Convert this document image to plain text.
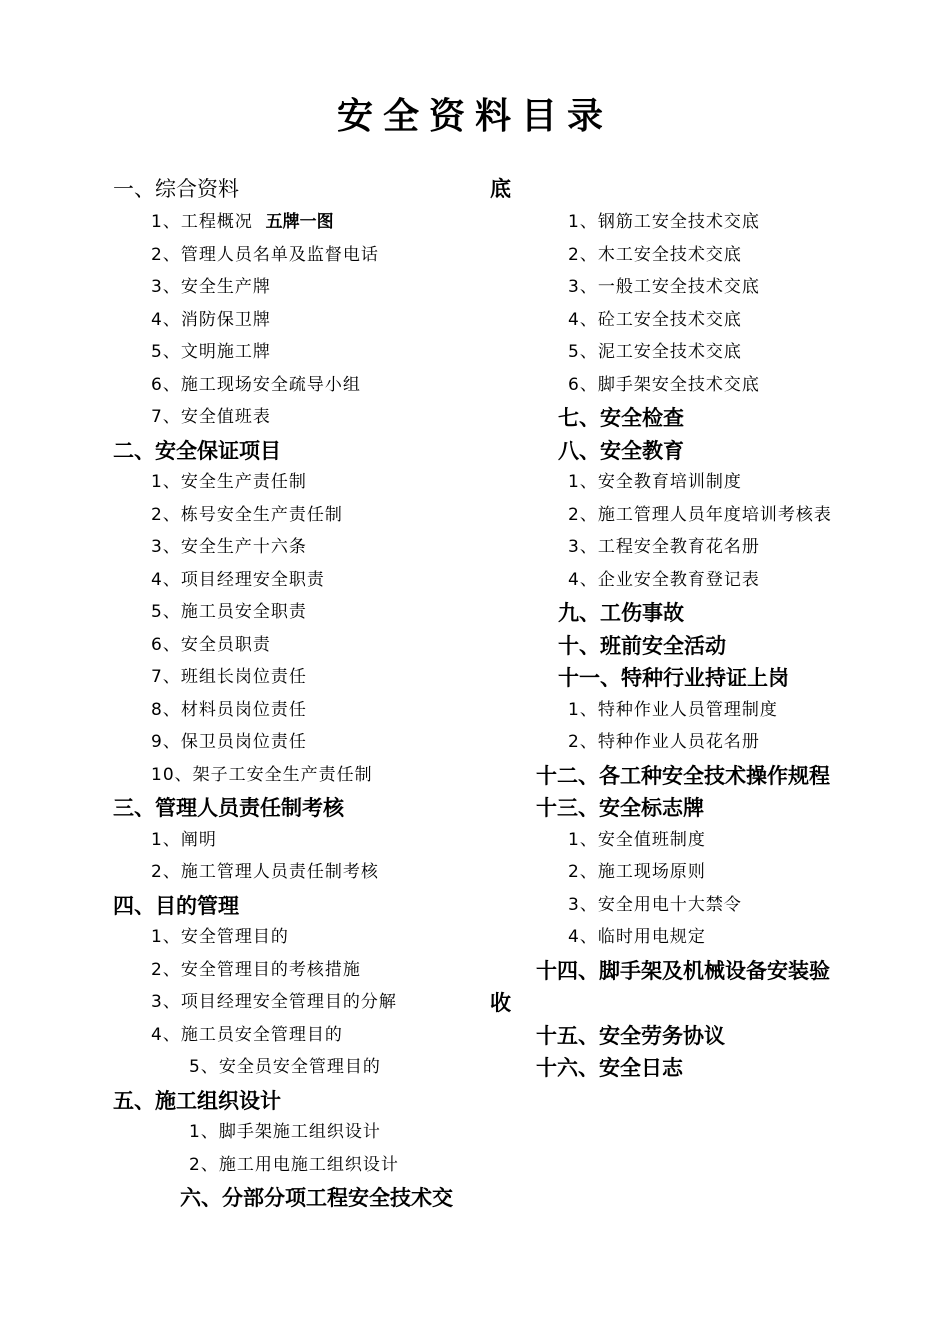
安全资料目录
一、综合资料
1、工程概况 五牌一图
2、管理人员名单及监督电话
3、安全生产牌
4、消防保卫牌
5、文明施工牌
6、施工现场安全疏导小组
7、安全值班表
二、安全保证项目
1、安全生产责任制
2、栋号安全生产责任制
3、安全生产十六条
4、项目经理安全职责
5、施工员安全职责
6、安全员职责
7、班组长岗位责任
8、材料员岗位责任
9、保卫员岗位责任
10、架子工安全生产责任制
三、管理人员责任制考核
1、阐明
2、施工管理人员责任制考核
四、目的管理
1、安全管理目的
2、安全管理目的考核措施
3、项目经理安全管理目的分解
4、施工员安全管理目的
5、安全员安全管理目的
五、施工组织设计
1、脚手架施工组织设计
2、施工用电施工组织设计
六、分部分项工程安全技术交
底
1、钢筋工安全技术交底
2、木工安全技术交底
3、一般工安全技术交底
4、砼工安全技术交底
5、泥工安全技术交底
6、脚手架安全技术交底
七、安全检查
八、安全教育
1、安全教育培训制度
2、施工管理人员年度培训考核表
3、工程安全教育花名册
4、企业安全教育登记表
九、工伤事故
十、班前安全活动
十一、特种行业持证上岗
1、特种作业人员管理制度
2、特种作业人员花名册
十二、各工种安全技术操作规程
十三、安全标志牌
1、安全值班制度
2、施工现场原则
3、安全用电十大禁令
4、临时用电规定
十四、脚手架及机械设备安装验
收
十五、安全劳务协议
十六、安全日志
